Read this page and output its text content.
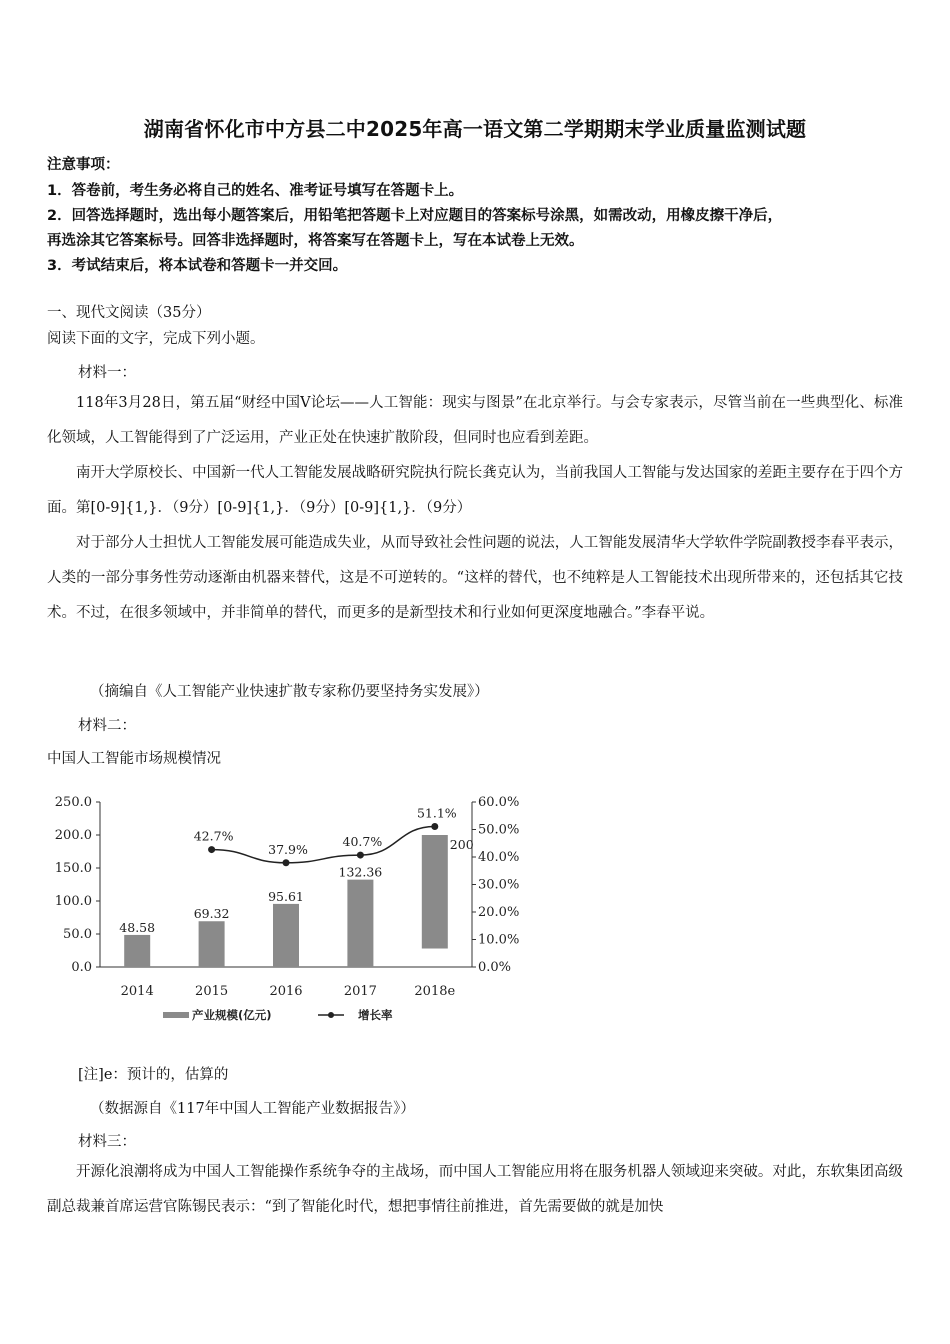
湖南省怀化市中方县二中2025年高一语文第二学期期末学业质量监测试题
注意事项：
1．答卷前，考生务必将自己的姓名、准考证号填写在答题卡上。
2．回答选择题时，选出每小题答案后，用铅笔把答题卡上对应题目的答案标号涂黑，如需改动，用橡皮擦干净后，
再选涂其它答案标号。回答非选择题时，将答案写在答题卡上，写在本试卷上无效。
3．考试结束后，将本试卷和答题卡一并交回。
一、现代文阅读（35分）
阅读下面的文字，完成下列小题。
材料一：
118年3月28日，第五届“财经中国V论坛——人工智能：现实与图景”在北京举行。与会专家表示，尽管当前在一些典型化、标准化领域，人工智能得到了广泛运用，产业正处在快速扩散阶段，但同时也应看到差距。
南开大学原校长、中国新一代人工智能发展战略研究院执行院长龚克认为，当前我国人工智能与发达国家的差距主要存在于四个方面。第[0-9]{1,}．（9分）[0-9]{1,}．（9分）[0-9]{1,}．（9分）
对于部分人士担忧人工智能发展可能造成失业，从而导致社会性问题的说法，人工智能发展清华大学软件学院副教授李春平表示，人类的一部分事务性劳动逐渐由机器来替代，这是不可逆转的。“这样的替代，也不纯粹是人工智能技术出现所带来的，还包括其它技术。不过，在很多领域中，并非简单的替代，而更多的是新型技术和行业如何更深度地融合。”李春平说。
（摘编自《人工智能产业快速扩散专家称仍要坚持务实发展》）
材料二：
中国人工智能市场规模情况
250.0
200.0
150.0
100.0
50.0
0.0
60.0%
50.0%
40.0%
30.0%
20.0%
10.0%
0.0%
48.58
2014
69.32
2015
95.61
2016
132.36
2017
200
2018e
42.7%
37.9%
40.7%
51.1%
产业规模(亿元)	增长率
[注]e：预计的，估算的
（数据源自《117年中国人工智能产业数据报告》）
材料三：
开源化浪潮将成为中国人工智能操作系统争夺的主战场，而中国人工智能应用将在服务机器人领域迎来突破。对此，东软集团高级副总裁兼首席运营官陈锡民表示：“到了智能化时代，想把事情往前推进，首先需要做的就是加快
